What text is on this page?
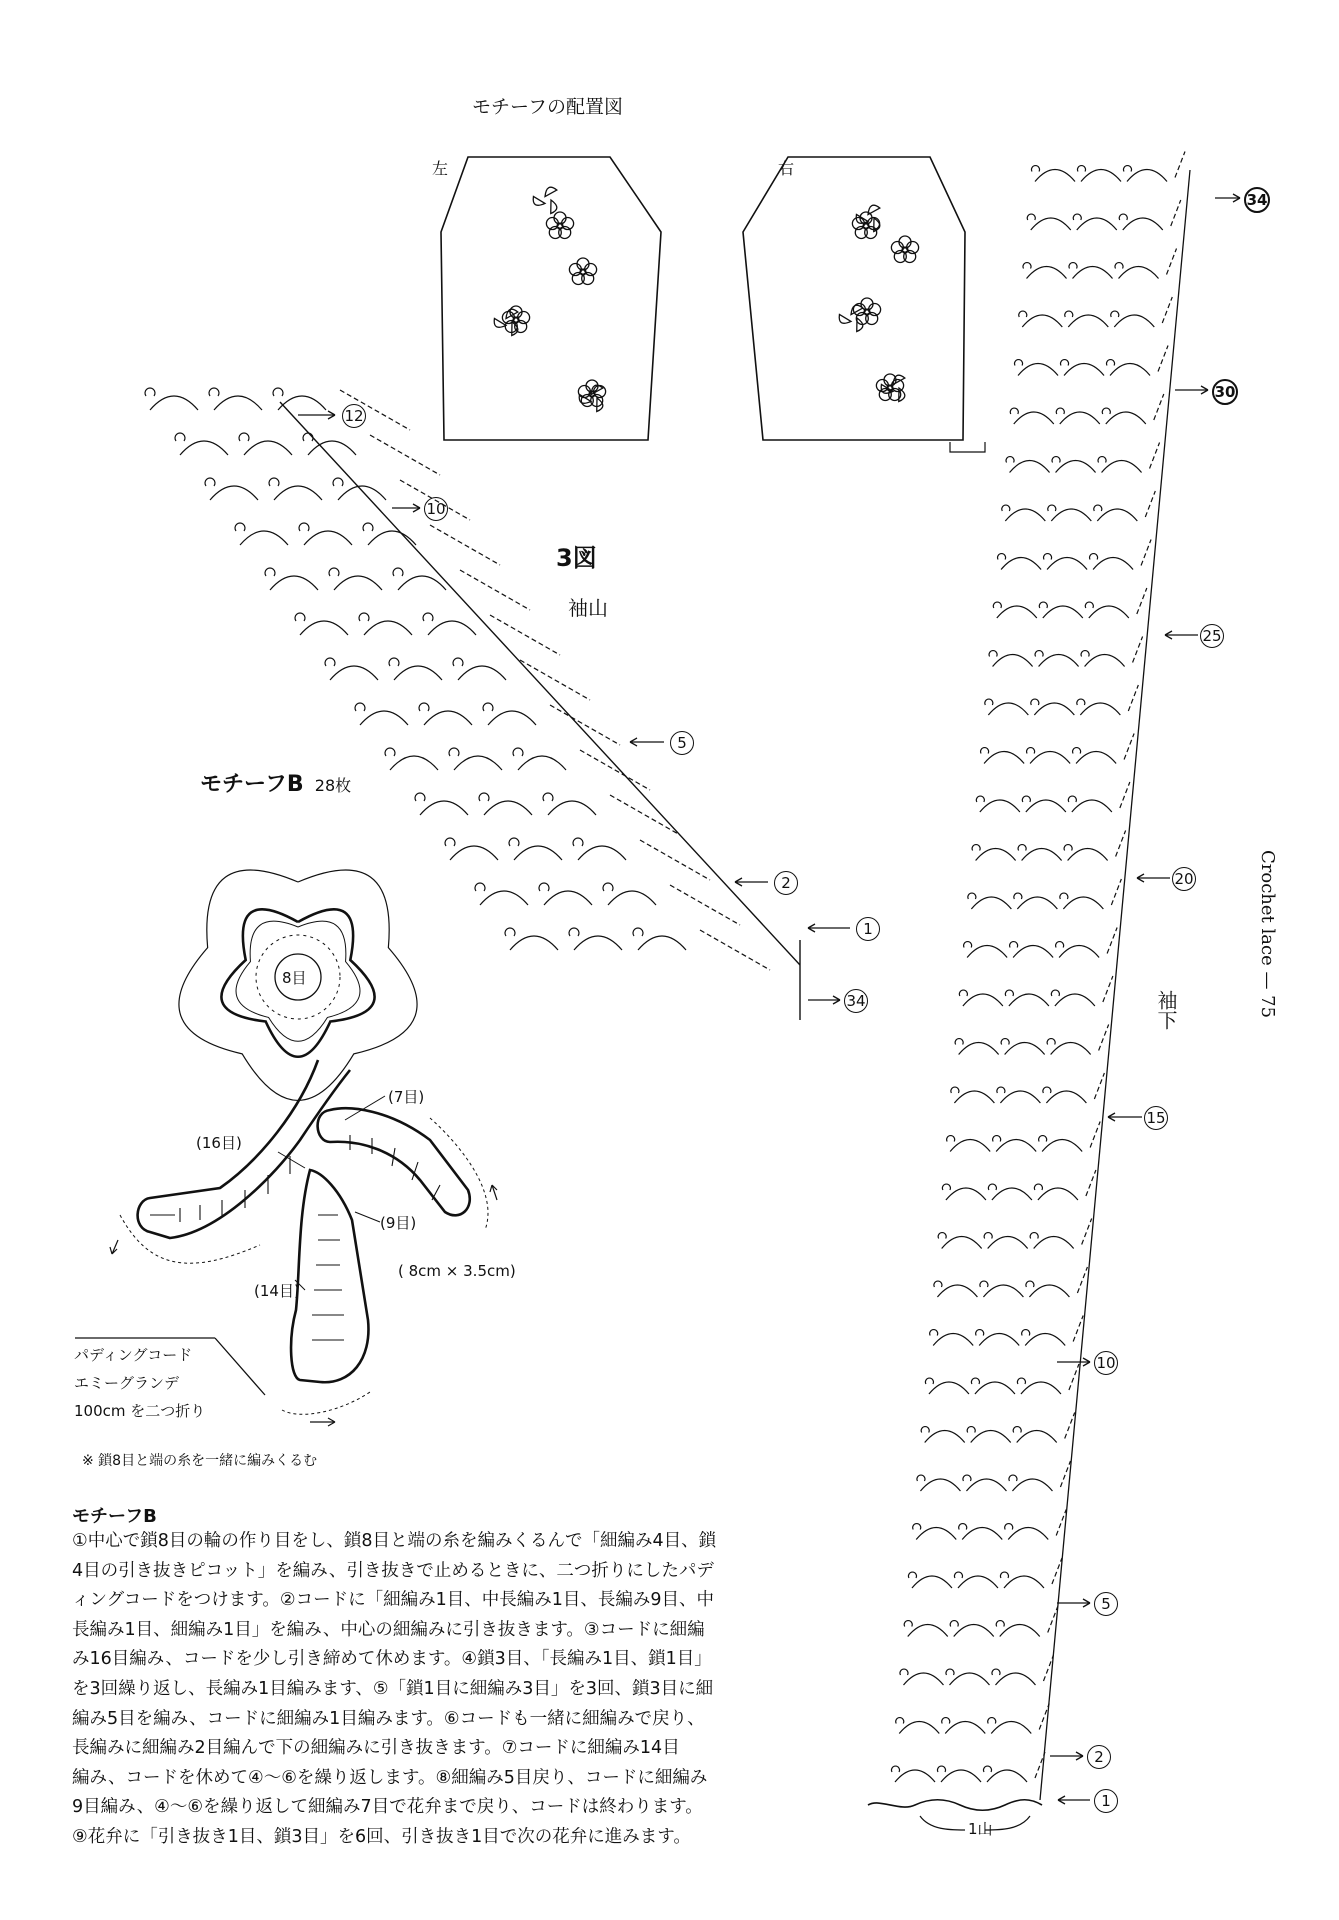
モチーフの配置図
左	右
12
10
5
2
1
34
34
30
25
20
15
10
5
2
1
3図
袖山
袖下
1山
Crochet lace — 75
モチーフB 28枚
8目
(7目)
(16目)
(9目)
(14目)
( 8cm × 3.5cm)
パディングコード
エミーグランデ
100cm を二つ折り
※ 鎖8目と端の糸を一緒に編みくるむ
モチーフB
①中心で鎖8目の輪の作り目をし、鎖8目と端の糸を編みくるんで「細編み4目、鎖
4目の引き抜きピコット」を編み、引き抜きで止めるときに、二つ折りにしたパデ
ィングコードをつけます。②コードに「細編み1目、中長編み1目、長編み9目、中
長編み1目、細編み1目」を編み、中心の細編みに引き抜きます。③コードに細編
み16目編み、コードを少し引き締めて休めます。④鎖3目、「長編み1目、鎖1目」
を3回繰り返し、長編み1目編みます、⑤「鎖1目に細編み3目」を3回、鎖3目に細
編み5目を編み、コードに細編み1目編みます。⑥コードも一緒に細編みで戻り、
長編みに細編み2目編んで下の細編みに引き抜きます。⑦コードに細編み14目
編み、コードを休めて④～⑥を繰り返します。⑧細編み5目戻り、コードに細編み
9目編み、④～⑥を繰り返して細編み7目で花弁まで戻り、コードは終わります。
⑨花弁に「引き抜き1目、鎖3目」を6回、引き抜き1目で次の花弁に進みます。
